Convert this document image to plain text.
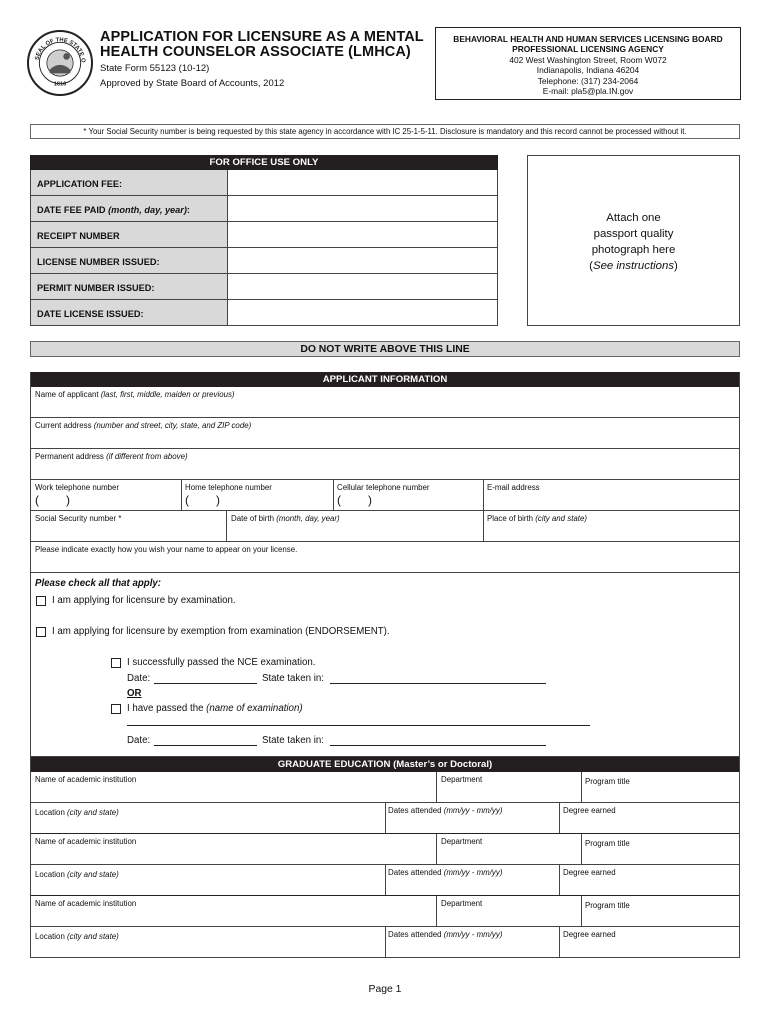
SEAL OF THE STATE O
1816
APPLICATION FOR LICENSURE AS A MENTAL
HEALTH COUNSELOR ASSOCIATE (LMHCA)
State Form 55123 (10-12)
Approved by State Board of Accounts, 2012
BEHAVIORAL HEALTH AND HUMAN SERVICES LICENSING BOARD
PROFESSIONAL LICENSING AGENCY
402 West Washington Street, Room W072
Indianapolis, Indiana 46204
Telephone: (317) 234-2064
E-mail: pla5@pla.IN.gov
* Your Social Security number is being requested by this state agency in accordance with IC 25-1-5-11. Disclosure is mandatory and this record cannot be processed without it.
FOR OFFICE USE ONLY
APPLICATION FEE:
DATE FEE PAID (month, day, year):
RECEIPT NUMBER
LICENSE NUMBER ISSUED:
PERMIT NUMBER ISSUED:
DATE LICENSE ISSUED:
Attach one
passport quality
photograph here
(See instructions)
DO NOT WRITE ABOVE THIS LINE
APPLICANT INFORMATION
Name of applicant (last, first, middle, maiden or previous)
Current address (number and street, city, state, and ZIP code)
Permanent address (if different from above)
Work telephone number
( )
Home telephone number
( )
Cellular telephone number
( )
E-mail address
Social Security number *	Date of birth (month, day, year)	Place of birth (city and state)
Please indicate exactly how you wish your name to appear on your license.
Please check all that apply:
I am applying for licensure by examination.
I am applying for licensure by exemption from examination (ENDORSEMENT).
I successfully passed the NCE examination.
Date:	State taken in:
OR
I have passed the (name of examination)
Date:	State taken in:
GRADUATE EDUCATION (Master’s or Doctoral)
Name of academic institution	Department	Program title
Location (city and state)	Dates attended (mm/yy - mm/yy)	Degree earned
Name of academic institution	Department	Program title
Location (city and state)	Dates attended (mm/yy - mm/yy)	Degree earned
Name of academic institution	Department	Program title
Location (city and state)	Dates attended (mm/yy - mm/yy)	Degree earned
Page 1
